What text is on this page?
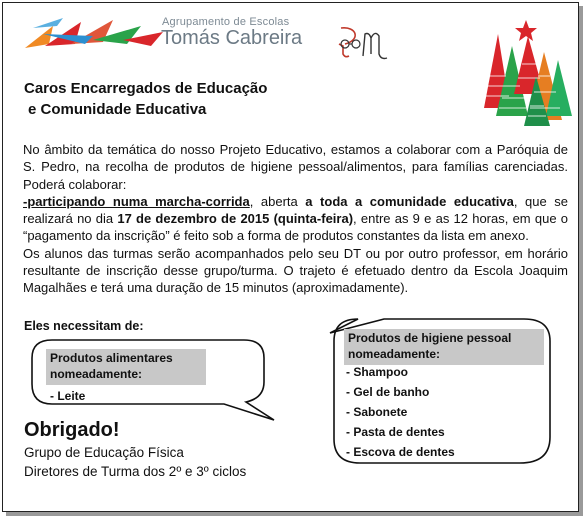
Agrupamento de Escolas
Tomás Cabreira
Caros Encarregados de Educação
e Comunidade Educativa

No âmbito da temática do nosso Projeto Educativo, estamos a colaborar com a Paróquia de S. Pedro, na recolha de produtos de higiene pessoal/alimentos, para famílias carenciadas. Poderá colaborar:

-participando numa marcha-corrida, aberta a toda a comunidade educativa, que se realizará no dia 17 de dezembro de 2015 (quinta-feira), entre as 9 e as 12 horas, em que o “pagamento da inscrição” é feito sob a forma de produtos constantes da lista em anexo.

Os alunos das turmas serão acompanhados pelo seu DT ou por outro professor, em horário resultante de inscrição desse grupo/turma. O trajeto é efetuado dentro da Escola Joaquim Magalhães e terá uma duração de 15 minutos (aproximadamente).

Eles necessitam de:
Produtos alimentares
nomeadamente:
- Leite
Produtos de higiene pessoal
nomeadamente:
- Shampoo
- Gel de banho
- Sabonete
- Pasta de dentes
- Escova de dentes
Obrigado!
Grupo de Educação Física
Diretores de Turma dos 2º e 3º ciclos
